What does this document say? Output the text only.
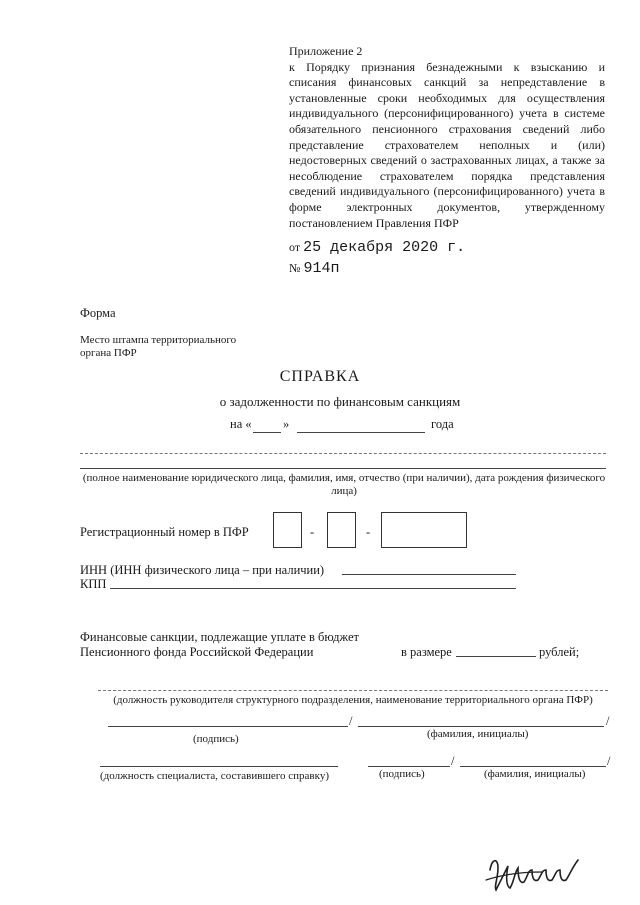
Приложение 2
к Порядку признания безнадежными к взысканию и списания финансовых санкций за непредставление в установленные сроки необходимых для осуществления индивидуального (персонифицированного) учета в системе обязательного пенсионного страхования сведений либо представление страхователем неполных и (или) недостоверных сведений о застрахованных лицах, а также за несоблюдение страхователем порядка представления сведений индивидуального (персонифицированного) учета в форме электронных документов, утвержденному постановлением Правления ПФР
от 25 декабря 2020 г.
№ 914п
Форма
Место штампа территориального органа ПФР
СПРАВКА
о задолженности по финансовым санкциям
на «	»	года
(полное наименование юридического лица, фамилия, имя, отчество (при наличии), дата рождения физического лица)
Регистрационный номер в ПФР	-	-
ИНН (ИНН физического лица – при наличии)
КПП
Финансовые санкции, подлежащие уплате в бюджет
Пенсионного фонда Российской Федерации	в размере	рублей;
(должность руководителя структурного подразделения, наименование территориального органа ПФР)
/	/
(подпись)	(фамилия, инициалы)
/	/
(должность специалиста, составившего справку)	(подпись)	(фамилия, инициалы)
